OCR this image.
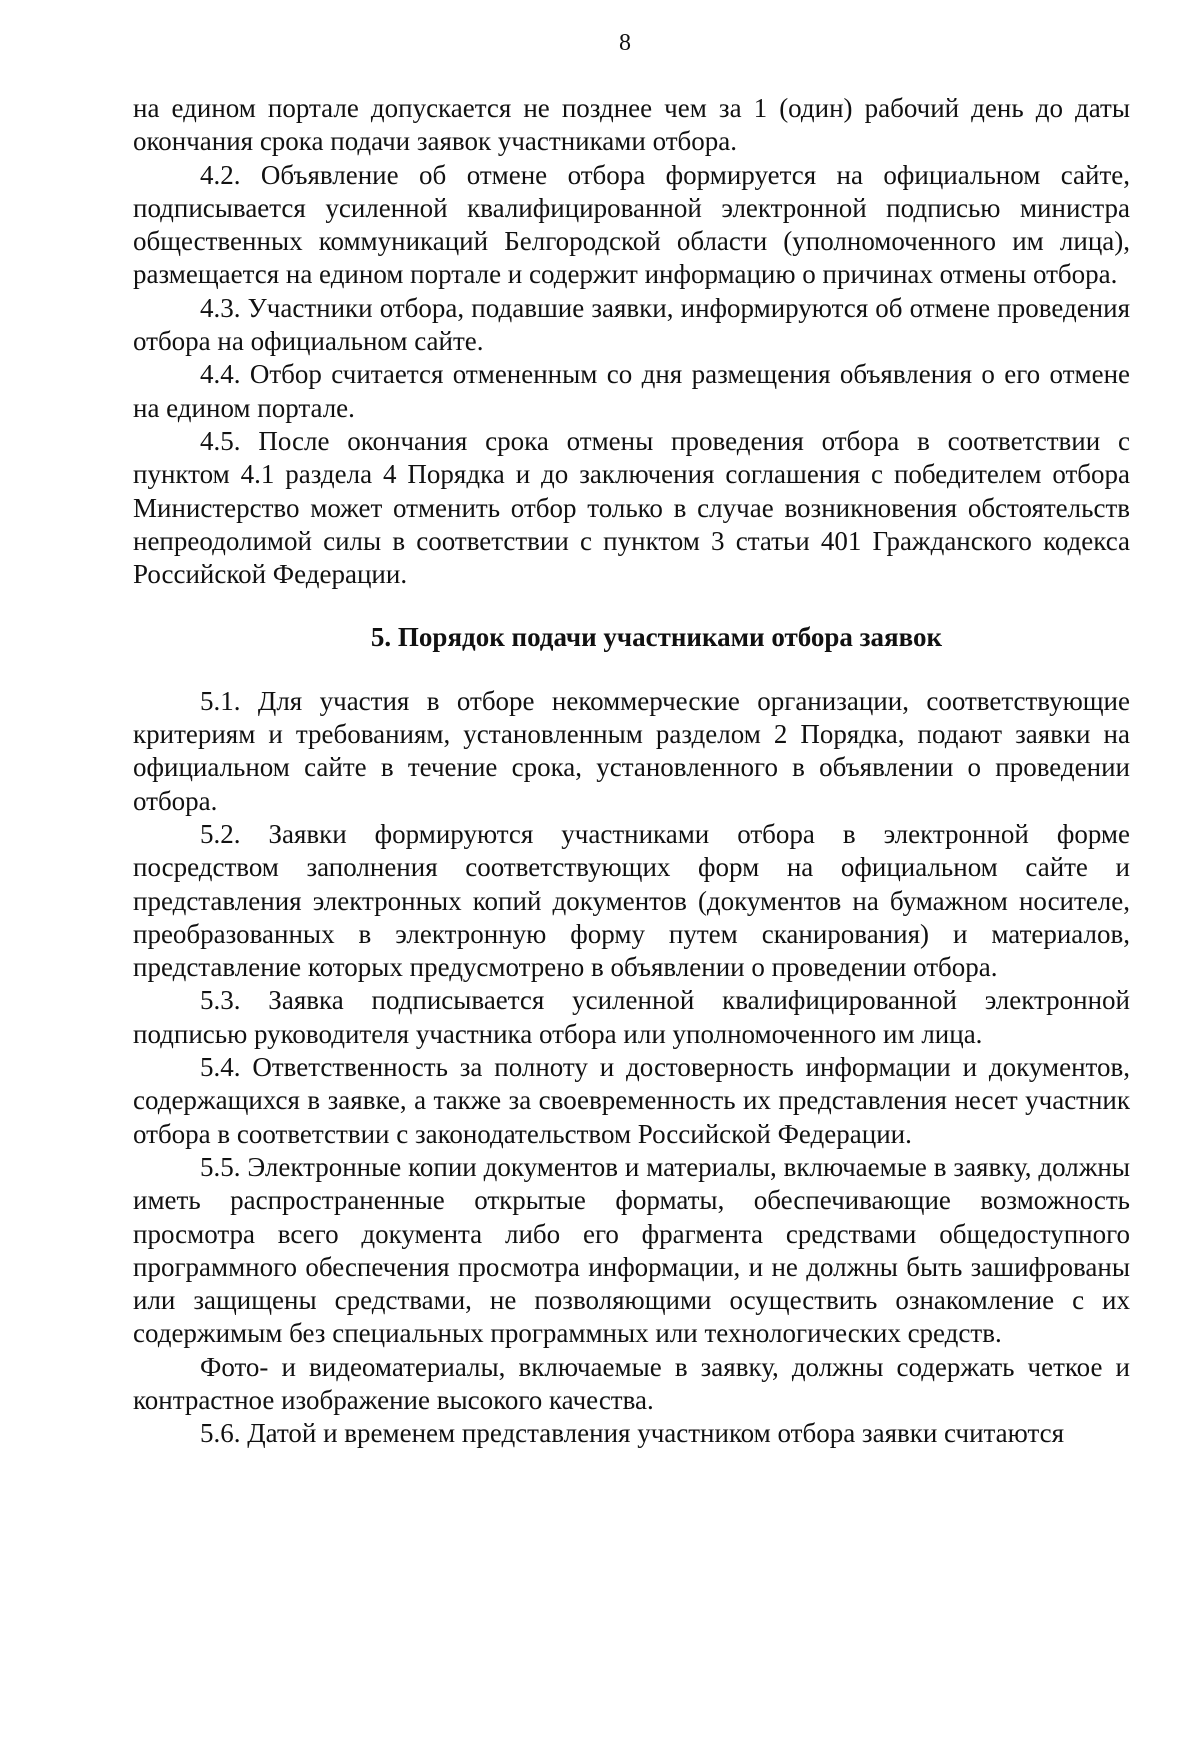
8

на едином портале допускается не позднее чем за 1 (один) рабочий день до даты окончания срока подачи заявок участниками отбора.

4.2. Объявление об отмене отбора формируется на официальном сайте, подписывается усиленной квалифицированной электронной подписью министра общественных коммуникаций Белгородской области (уполномоченного им лица), размещается на едином портале и содержит информацию о причинах отмены отбора.

4.3. Участники отбора, подавшие заявки, информируются об отмене проведения отбора на официальном сайте.

4.4. Отбор считается отмененным со дня размещения объявления о его отмене на едином портале.

4.5. После окончания срока отмены проведения отбора в соответствии с пунктом 4.1 раздела 4 Порядка и до заключения соглашения с победителем отбора Министерство может отменить отбор только в случае возникновения обстоятельств непреодолимой силы в соответствии с пунктом 3 статьи 401 Гражданского кодекса Российской Федерации.

5. Порядок подачи участниками отбора заявок

5.1. Для участия в отборе некоммерческие организации, соответствующие критериям и требованиям, установленным разделом 2 Порядка, подают заявки на официальном сайте в течение срока, установленного в объявлении о проведении отбора.

5.2. Заявки формируются участниками отбора в электронной форме посредством заполнения соответствующих форм на официальном сайте и представления электронных копий документов (документов на бумажном носителе, преобразованных в электронную форму путем сканирования) и материалов, представление которых предусмотрено в объявлении о проведении отбора.

5.3. Заявка подписывается усиленной квалифицированной электронной подписью руководителя участника отбора или уполномоченного им лица.

5.4. Ответственность за полноту и достоверность информации и документов, содержащихся в заявке, а также за своевременность их представления несет участник отбора в соответствии с законодательством Российской Федерации.

5.5. Электронные копии документов и материалы, включаемые в заявку, должны иметь распространенные открытые форматы, обеспечивающие возможность просмотра всего документа либо его фрагмента средствами общедоступного программного обеспечения просмотра информации, и не должны быть зашифрованы или защищены средствами, не позволяющими осуществить ознакомление с их содержимым без специальных программных или технологических средств.

Фото- и видеоматериалы, включаемые в заявку, должны содержать четкое и контрастное изображение высокого качества.

5.6. Датой и временем представления участником отбора заявки считаются
